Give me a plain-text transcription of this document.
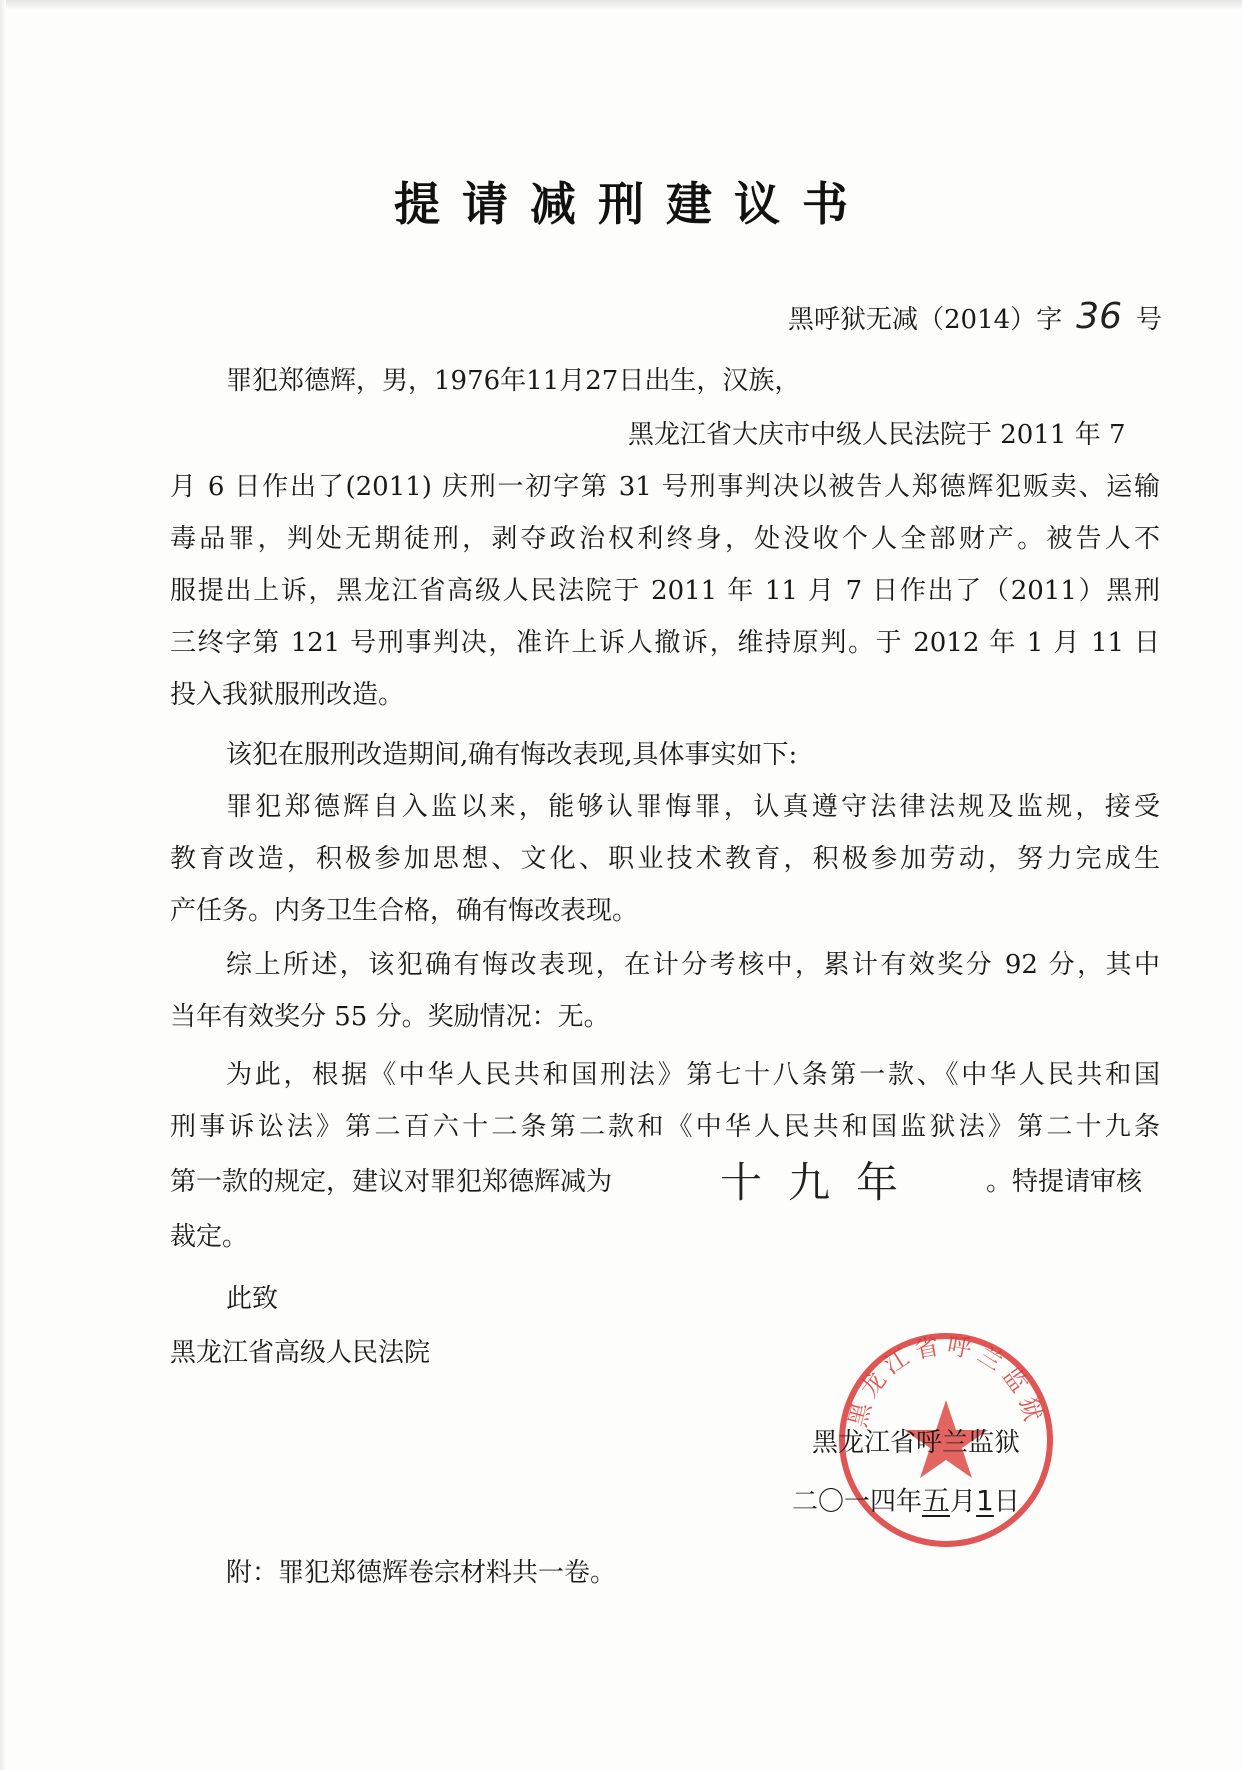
提请减刑建议书
黑呼狱无减（2014）字 36 号
罪犯郑德辉，男，1976年11月27日出生，汉族，
黑龙江省大庆市中级人民法院于 2011 年 7
月 6 日作出了(2011) 庆刑一初字第 31 号刑事判决以被告人郑德辉犯贩卖、运输
毒品罪，判处无期徒刑，剥夺政治权利终身，处没收个人全部财产。被告人不
服提出上诉，黑龙江省高级人民法院于 2011 年 11 月 7 日作出了（2011）黑刑
三终字第 121 号刑事判决，准许上诉人撤诉，维持原判。于 2012 年 1 月 11 日
投入我狱服刑改造。
该犯在服刑改造期间,确有悔改表现,具体事实如下:
罪犯郑德辉自入监以来，能够认罪悔罪，认真遵守法律法规及监规，接受
教育改造，积极参加思想、文化、职业技术教育，积极参加劳动，努力完成生
产任务。内务卫生合格，确有悔改表现。
综上所述，该犯确有悔改表现，在计分考核中，累计有效奖分 92 分，其中
当年有效奖分 55 分。奖励情况：无。
为此，根据《中华人民共和国刑法》第七十八条第一款、《中华人民共和国
刑事诉讼法》第二百六十二条第二款和《中华人民共和国监狱法》第二十九条
第一款的规定，建议对罪犯郑德辉减为	十九年 。特提请审核
裁定。
此致
黑龙江省高级人民法院
黑龙江省呼兰监狱
黑龙江省呼兰监狱
二〇一四年五月1日
附：罪犯郑德辉卷宗材料共一卷。
